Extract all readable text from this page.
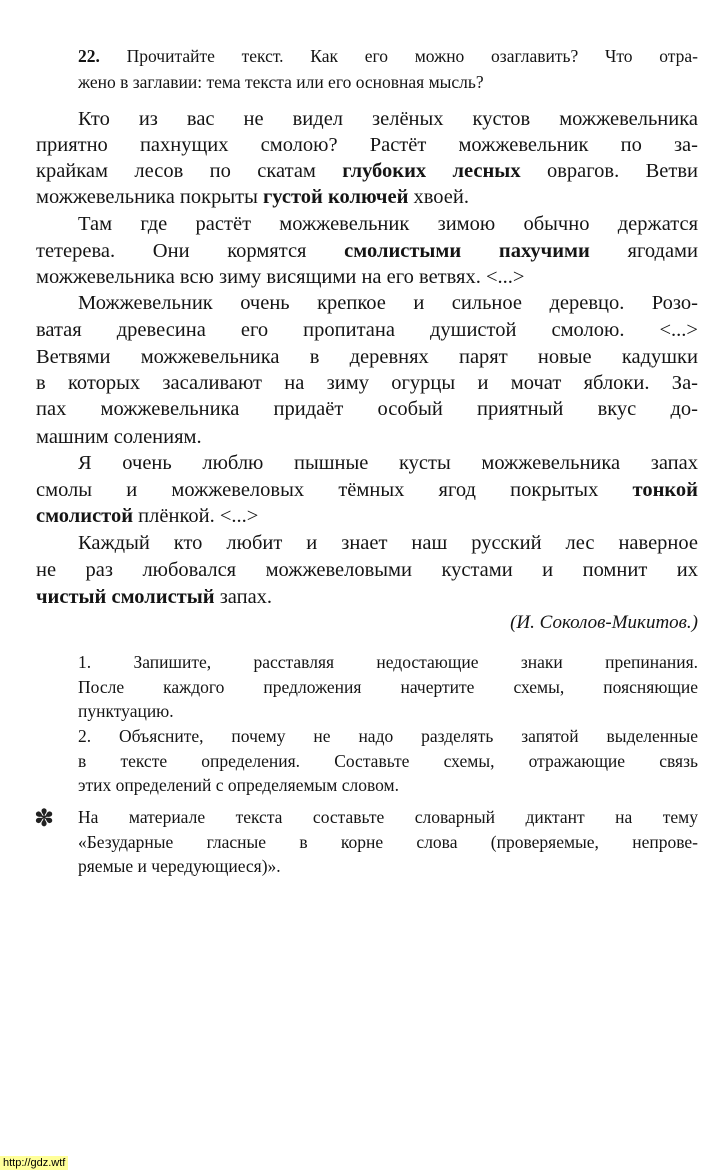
22. Прочитайте текст. Как его можно озаглавить? Что отра-
жено в заглавии: тема текста или его основная мысль?
Кто из вас не видел зелёных кустов можжевельника
приятно пахнущих смолою? Растёт можжевельник по за-
крайкам лесов по скатам глубоких лесных оврагов. Ветви
можжевельника покрыты густой колючей хвоей.
Там где растёт можжевельник зимою обычно держатся
тетерева. Они кормятся смолистыми пахучими ягодами
можжевельника всю зиму висящими на его ветвях. <...>
Можжевельник очень крепкое и сильное деревцо. Розо-
ватая древесина его пропитана душистой смолою. <...>
Ветвями можжевельника в деревнях парят новые кадушки
в которых засаливают на зиму огурцы и мочат яблоки. За-
пах можжевельника придаёт особый приятный вкус до-
машним солениям.
Я очень люблю пышные кусты можжевельника запах
смолы и можжевеловых тёмных ягод покрытых тонкой
смолистой плёнкой. <...>
Каждый кто любит и знает наш русский лес наверное
не раз любовался можжевеловыми кустами и помнит их
чистый смолистый запах.
(И. Соколов-Микитов.)
1. Запишите, расставляя недостающие знаки препинания.
После каждого предложения начертите схемы, поясняющие
пунктуацию.
2. Объясните, почему не надо разделять запятой выделенные
в тексте определения. Составьте схемы, отражающие связь
этих определений с определяемым словом.
На материале текста составьте словарный диктант на тему
«Безударные гласные в корне слова (проверяемые, непрове-
ряемые и чередующиеся)».
✽
http://gdz.wtf
